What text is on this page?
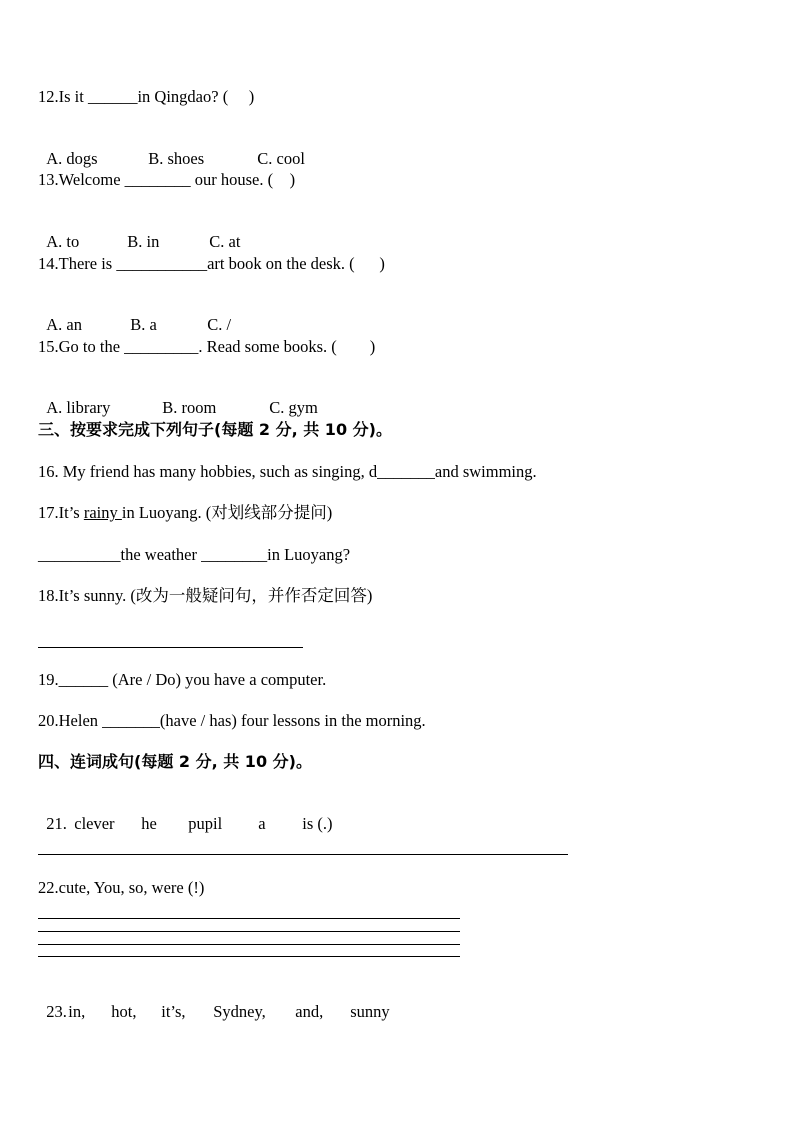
12.Is it ______in Qingdao? (     )

A. dogs	B. shoes	C. cool

13.Welcome ________ our house. (    )

A. to	B. in	C. at

14.There is ___________art book on the desk. (      )

A. an	B. a	C. /

15.Go to the _________. Read some books. (        )

A. library	B. room	C. gym

三、按要求完成下列句子(每题 2 分, 共 10 分)。
16. My friend has many hobbies, such as singing, d_______and swimming.
17.It’s rainy in Luoyang. (对划线部分提问)
__________the weather ________in Luoyang?
18.It’s sunny. (改为一般疑问句，并作否定回答)
19.______ (Are / Do) you have a computer.
20.Helen _______(have / has) four lessons in the morning.
四、连词成句(每题 2 分, 共 10 分)。

21. clever he pupil a is (.)

22.cute, You, so, were (!)

23.in, hot, it’s, Sydney, and, sunny
